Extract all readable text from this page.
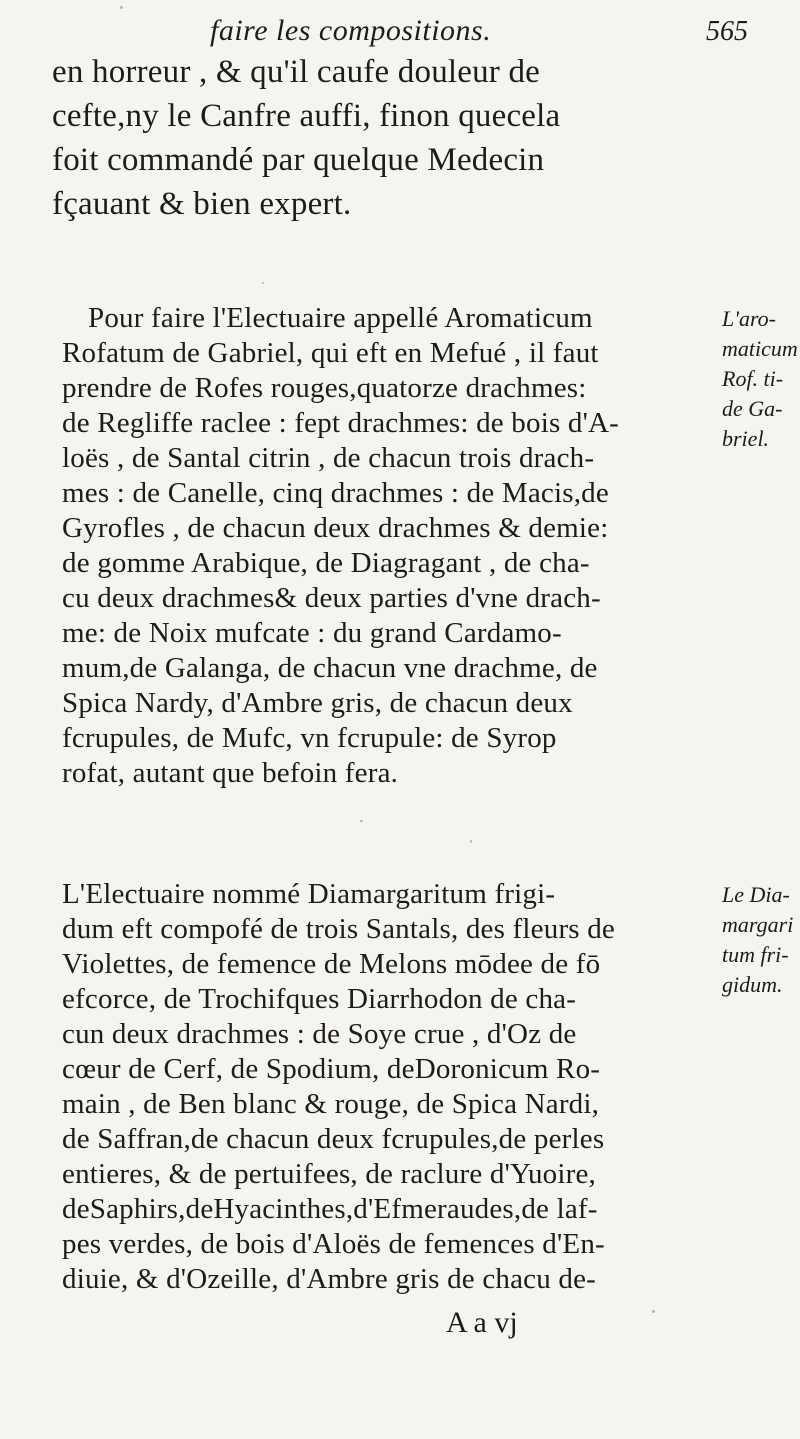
faire les compositions.	565
en horreur , & qu'il caufe douleur de
cefte,ny le Canfre auffi, finon quecela
foit commandé par quelque Medecin
fçauant & bien expert.
Pour faire l'Electuaire appellé Aromaticum
Rofatum de Gabriel, qui eft en Mefué , il faut
prendre de Rofes rouges,quatorze drachmes:
de Regliffe raclee : fept drachmes: de bois d'A-
loës , de Santal citrin , de chacun trois drach-
mes : de Canelle, cinq drachmes : de Macis,de
Gyrofles , de chacun deux drachmes & demie:
de gomme Arabique, de Diagragant , de cha-
cu deux drachmes& deux parties d'vne drach-
me: de Noix mufcate : du grand Cardamo-
mum,de Galanga, de chacun vne drachme, de
Spica Nardy, d'Ambre gris, de chacun deux
fcrupules, de Mufc, vn fcrupule: de Syrop
rofat, autant que befoin fera.
L'aro-
maticum
Rof. ti-
de Ga-
briel.
L'Electuaire nommé Diamargaritum frigi-
dum eft compofé de trois Santals, des fleurs de
Violettes, de femence de Melons mōdee de fō
efcorce, de Trochifques Diarrhodon de cha-
cun deux drachmes : de Soye crue , d'Oz de
cœur de Cerf, de Spodium, deDoronicum Ro-
main , de Ben blanc & rouge, de Spica Nardi,
de Saffran,de chacun deux fcrupules,de perles
entieres, & de pertuifees, de raclure d'Yuoire,
deSaphirs,deHyacinthes,d'Efmeraudes,de laf-
pes verdes, de bois d'Aloës de femences d'En-
diuie, & d'Ozeille, d'Ambre gris de chacu de-
Le Dia-
margari
tum fri-
gidum.
A a vj
